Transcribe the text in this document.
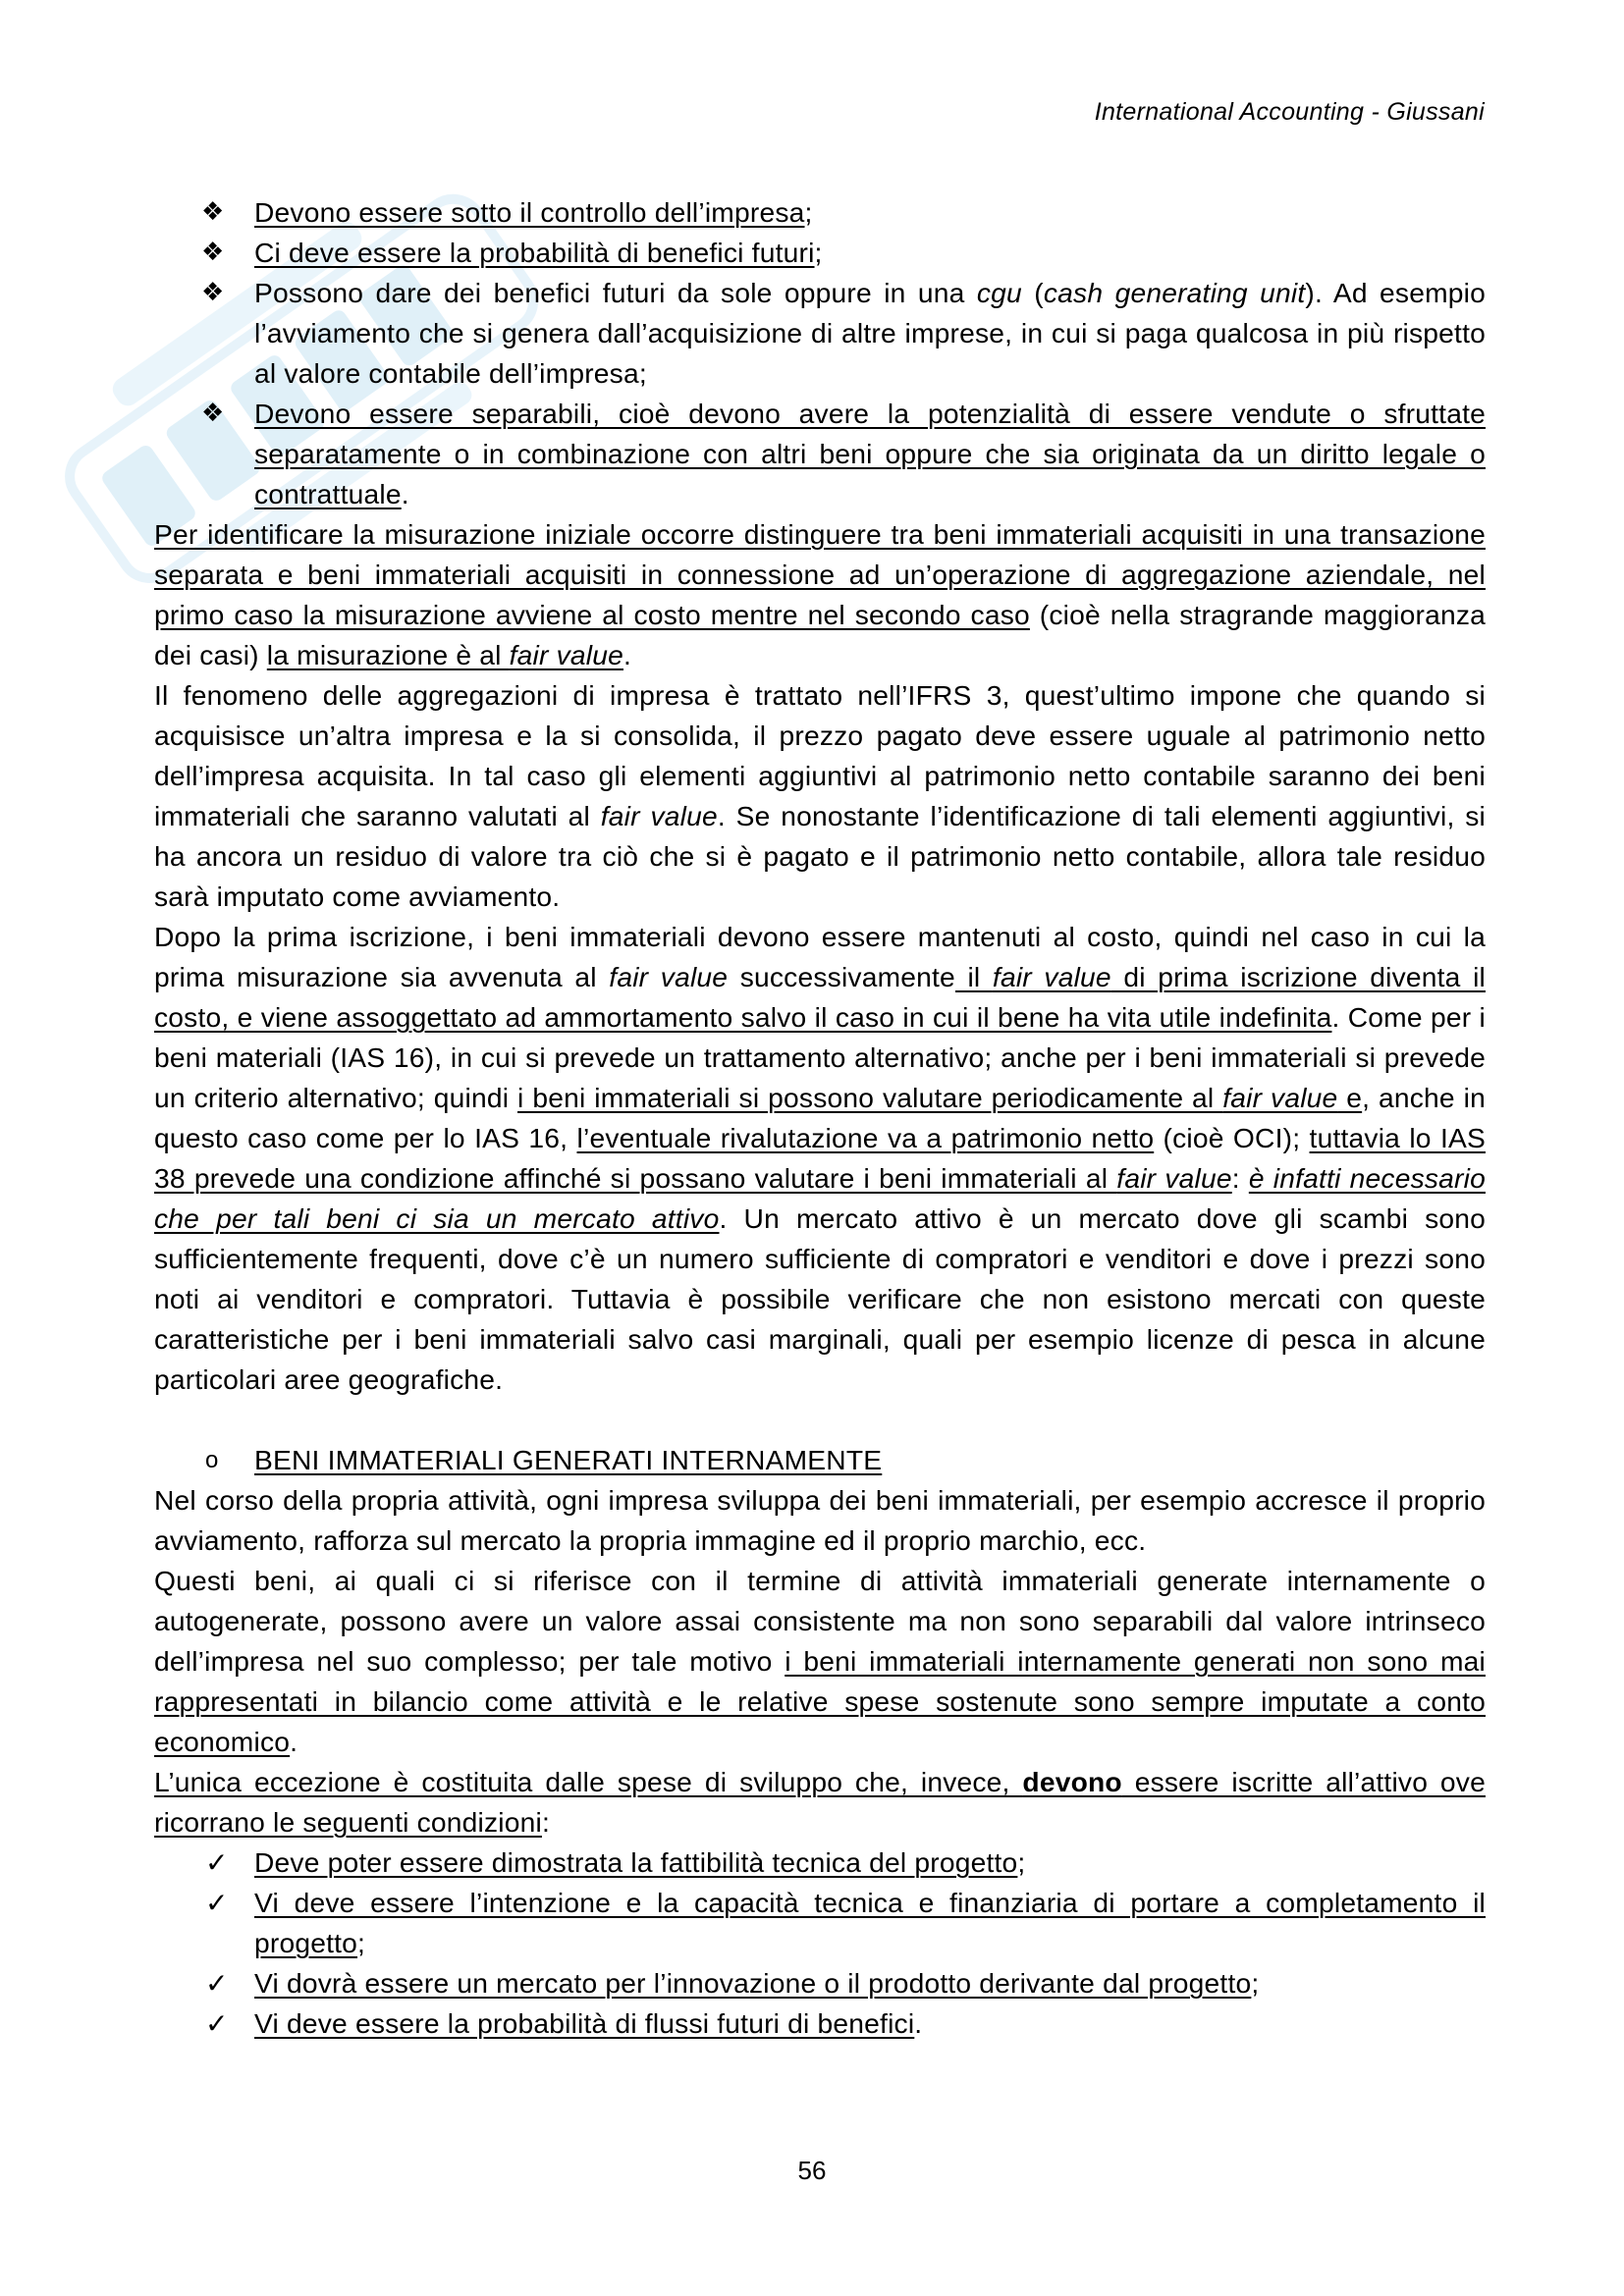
International Accounting - Giussani
❖ Devono essere sotto il controllo dell’impresa;
❖ Ci deve essere la probabilità di benefici futuri;
❖ Possono dare dei benefici futuri da sole oppure in una cgu (cash generating unit). Ad esempio l’avviamento che si genera dall’acquisizione di altre imprese, in cui si paga qualcosa in più rispetto al valore contabile dell’impresa;
❖ Devono essere separabili, cioè devono avere la potenzialità di essere vendute o sfruttate separatamente o in combinazione con altri beni oppure che sia originata da un diritto legale o contrattuale.

Per identificare la misurazione iniziale occorre distinguere tra beni immateriali acquisiti in una transazione separata e beni immateriali acquisiti in connessione ad un’operazione di aggregazione aziendale, nel primo caso la misurazione avviene al costo mentre nel secondo caso (cioè nella stragrande maggioranza dei casi) la misurazione è al fair value.

Il fenomeno delle aggregazioni di impresa è trattato nell’IFRS 3, quest’ultimo impone che quando si acquisisce un’altra impresa e la si consolida, il prezzo pagato deve essere uguale al patrimonio netto dell’impresa acquisita. In tal caso gli elementi aggiuntivi al patrimonio netto contabile saranno dei beni immateriali che saranno valutati al fair value. Se nonostante l’identificazione di tali elementi aggiuntivi, si ha ancora un residuo di valore tra ciò che si è pagato e il patrimonio netto contabile, allora tale residuo sarà imputato come avviamento.

Dopo la prima iscrizione, i beni immateriali devono essere mantenuti al costo, quindi nel caso in cui la prima misurazione sia avvenuta al fair value successivamente il fair value di prima iscrizione diventa il costo, e viene assoggettato ad ammortamento salvo il caso in cui il bene ha vita utile indefinita. Come per i beni materiali (IAS 16), in cui si prevede un trattamento alternativo; anche per i beni immateriali si prevede un criterio alternativo; quindi i beni immateriali si possono valutare periodicamente al fair value e, anche in questo caso come per lo IAS 16, l’eventuale rivalutazione va a patrimonio netto (cioè OCI); tuttavia lo IAS 38 prevede una condizione affinché si possano valutare i beni immateriali al fair value: è infatti necessario che per tali beni ci sia un mercato attivo. Un mercato attivo è un mercato dove gli scambi sono sufficientemente frequenti, dove c’è un numero sufficiente di compratori e venditori e dove i prezzi sono noti ai venditori e compratori. Tuttavia è possibile verificare che non esistono mercati con queste caratteristiche per i beni immateriali salvo casi marginali, quali per esempio licenze di pesca in alcune particolari aree geografiche.

o BENI IMMATERIALI GENERATI INTERNAMENTE

Nel corso della propria attività, ogni impresa sviluppa dei beni immateriali, per esempio accresce il proprio avviamento, rafforza sul mercato la propria immagine ed il proprio marchio, ecc.

Questi beni, ai quali ci si riferisce con il termine di attività immateriali generate internamente o autogenerate, possono avere un valore assai consistente ma non sono separabili dal valore intrinseco dell’impresa nel suo complesso; per tale motivo i beni immateriali internamente generati non sono mai rappresentati in bilancio come attività e le relative spese sostenute sono sempre imputate a conto economico.

L’unica eccezione è costituita dalle spese di sviluppo che, invece, devono essere iscritte all’attivo ove ricorrano le seguenti condizioni:

✓ Deve poter essere dimostrata la fattibilità tecnica del progetto;
✓ Vi deve essere l’intenzione e la capacità tecnica e finanziaria di portare a completamento il progetto;
✓ Vi dovrà essere un mercato per l’innovazione o il prodotto derivante dal progetto;
✓ Vi deve essere la probabilità di flussi futuri di benefici.
56
